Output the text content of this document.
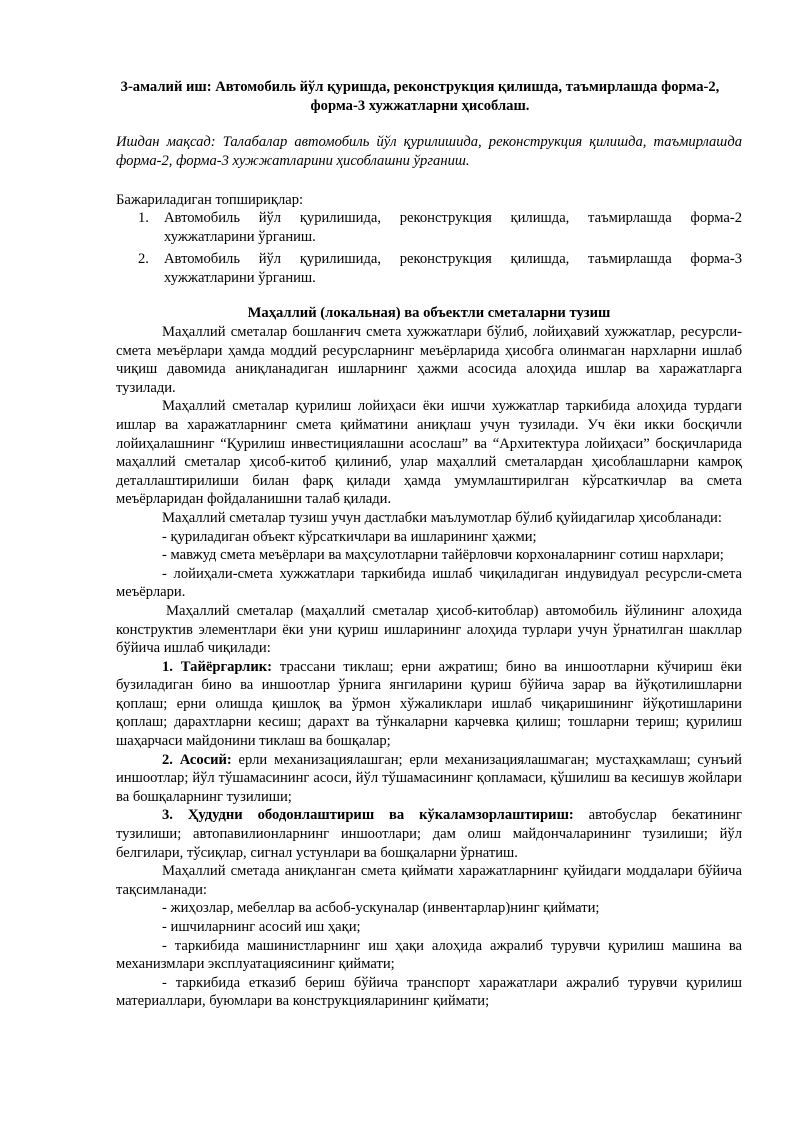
3-амалий иш: Автомобиль йўл қуришда, реконструкция қилишда, таъмирлашда форма-2, форма-3 хужжатларни ҳисоблаш.
Ишдан мақсад: Талабалар автомобиль йўл қурилишида, реконструкция қилишда, таъмирлашда форма-2, форма-3 хужжатларини ҳисоблашни ўрганиш.
Бажариладиган топшириқлар:
1. Автомобиль йўл қурилишида, реконструкция қилишда, таъмирлашда форма-2 хужжатларини ўрганиш.
2. Автомобиль йўл қурилишида, реконструкция қилишда, таъмирлашда форма-3 хужжатларини ўрганиш.
Маҳаллий (локальная) ва объектли сметаларни тузиш

Маҳаллий сметалар бошланғич смета хужжатлари бўлиб, лойиҳавий хужжатлар, ресурсли-смета меъёрлари ҳамда моддий ресурсларнинг меъёрларида ҳисобга олинмаган нархларни ишлаб чиқиш давомида аниқланадиган ишларнинг ҳажми асосида алоҳида ишлар ва харажатларга тузилади.

Маҳаллий сметалар қурилиш лойиҳаси ёки ишчи хужжатлар таркибида алоҳида турдаги ишлар ва харажатларнинг смета қийматини аниқлаш учун тузилади. Уч ёки икки босқичли лойиҳалашнинг “Қурилиш инвестициялашни асослаш” ва “Архитектура лойиҳаси” босқичларида маҳаллий сметалар ҳисоб-китоб қилиниб, улар маҳаллий сметалардан ҳисоблашларни камроқ деталлаштирилиши билан фарқ қилади ҳамда умумлаштирилган кўрсаткичлар ва смета меъёрларидан фойдаланишни талаб қилади.

Маҳаллий сметалар тузиш учун дастлабки маълумотлар бўлиб қуйидагилар ҳисобланади:

- қуриладиган объект кўрсаткичлари ва ишларининг ҳажми;

- мавжуд смета меъёрлари ва маҳсулотларни тайёрловчи корхоналарнинг сотиш нархлари;

- лойиҳали-смета хужжатлари таркибида ишлаб чиқиладиган индувидуал ресурсли-смета меъёрлари.

Маҳаллий сметалар (маҳаллий сметалар ҳисоб-китоблар) автомобиль йўлининг алоҳида конструктив элементлари ёки уни қуриш ишларининг алоҳида турлари учун ўрнатилган шакллар бўйича ишлаб чиқилади:

1. Тайёргарлик: трассани тиклаш; ерни ажратиш; бино ва иншоотларни кўчириш ёки бузиладиган бино ва иншоотлар ўрнига янгиларини қуриш бўйича зарар ва йўқотилишларни қоплаш; ерни олишда қишлоқ ва ўрмон хўжаликлари ишлаб чиқаришининг йўқотишларини қоплаш; дарахтларни кесиш; дарахт ва тўнкаларни карчевка қилиш; тошларни териш; қурилиш шаҳарчаси майдонини тиклаш ва бошқалар;

2. Асосий: ерли механизациялашган; ерли механизациялашмаган; мустаҳкамлаш; сунъий иншоотлар; йўл тўшамасининг асоси, йўл тўшамасининг қопламаси, қўшилиш ва кесишув жойлари ва бошқаларнинг тузилиши;

3. Ҳудудни ободонлаштириш ва кўкаламзорлаштириш: автобуслар бекатининг тузилиши; автопавилионларнинг иншоотлари; дам олиш майдончаларининг тузилиши; йўл белгилари, тўсиқлар, сигнал устунлари ва бошқаларни ўрнатиш.

Маҳаллий сметада аниқланган смета қиймати харажатларнинг қуйидаги моддалари бўйича тақсимланади:

- жиҳозлар, мебеллар ва асбоб-ускуналар (инвентарлар)нинг қиймати;

- ишчиларнинг асосий иш ҳақи;

- таркибида машинистларнинг иш ҳақи алоҳида ажралиб турувчи қурилиш машина ва механизмлари эксплуатациясининг қиймати;

- таркибида етказиб бериш бўйича транспорт харажатлари ажралиб турувчи қурилиш материаллари, буюмлари ва конструкцияларининг қиймати;
